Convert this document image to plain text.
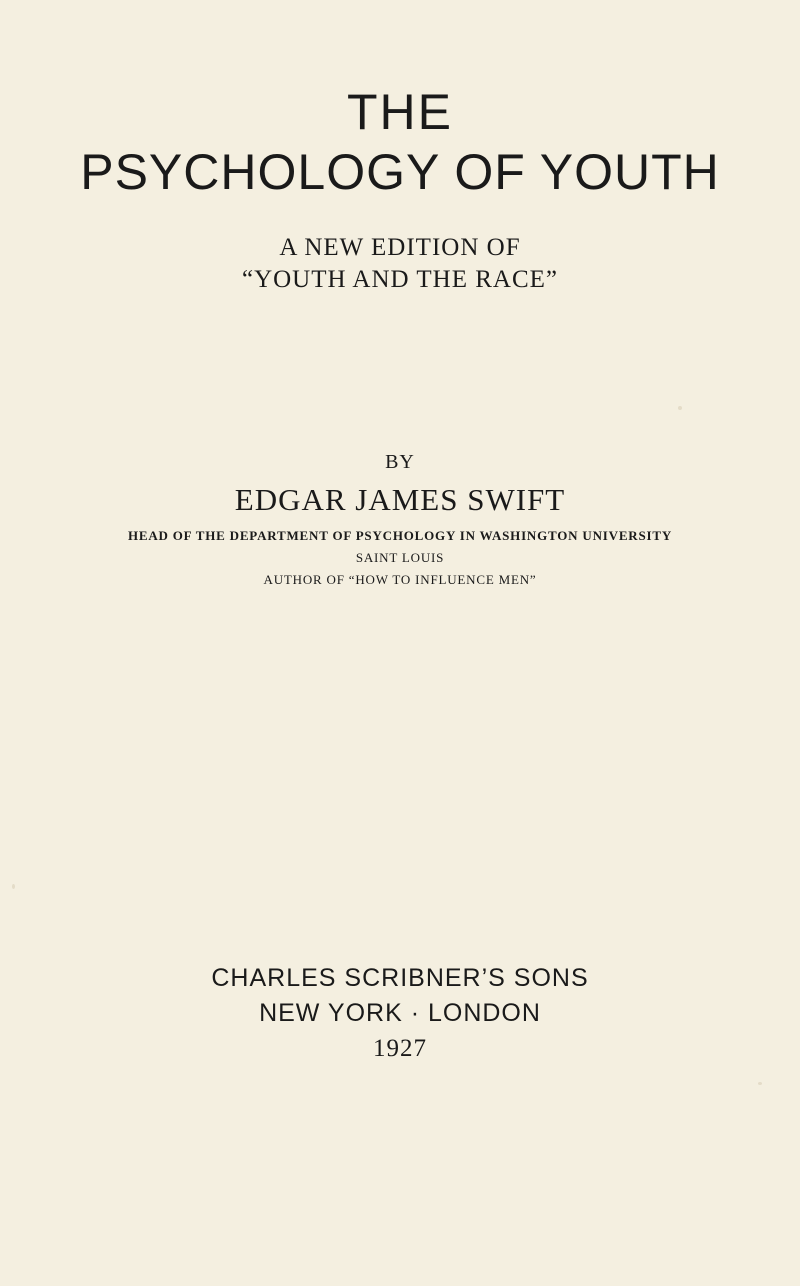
THE
PSYCHOLOGY OF YOUTH
A NEW EDITION OF
“YOUTH AND THE RACE”
BY
EDGAR JAMES SWIFT
HEAD OF THE DEPARTMENT OF PSYCHOLOGY IN WASHINGTON UNIVERSITY
SAINT LOUIS
AUTHOR OF “HOW TO INFLUENCE MEN”
CHARLES SCRIBNER’S SONS
NEW YORK · LONDON
1927
